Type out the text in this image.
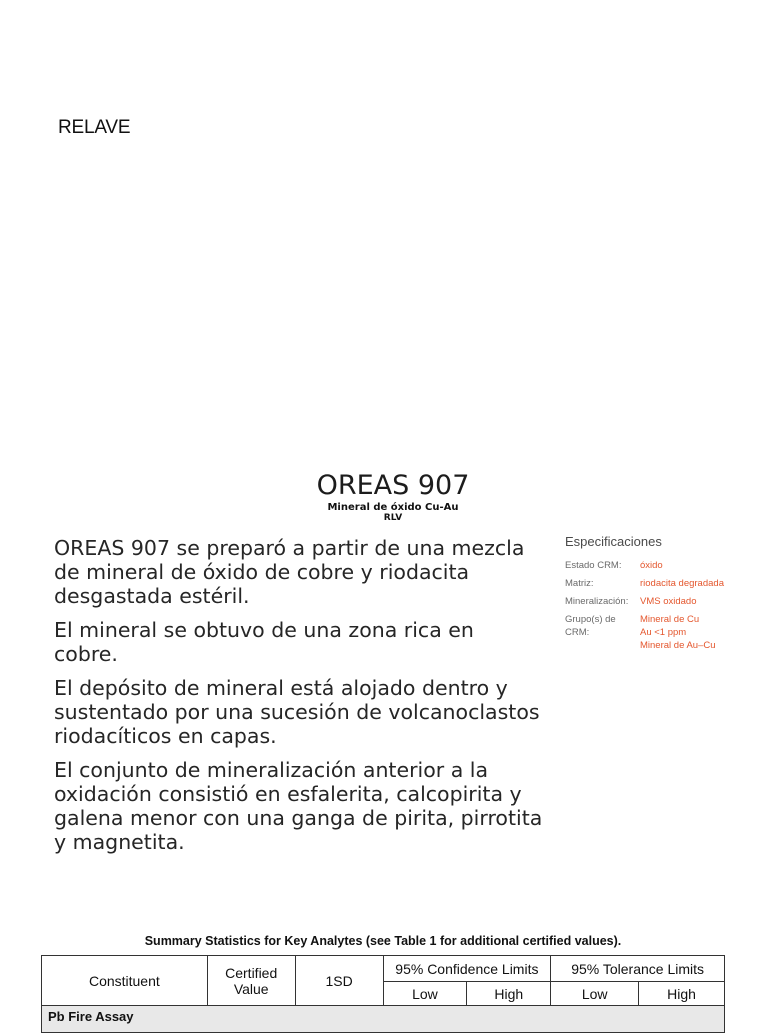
RELAVE
OREAS 907
Mineral de óxido Cu-Au
RLV

OREAS 907 se preparó a partir de una mezcla de mineral de óxido de cobre y riodacita desgastada estéril.

El mineral se obtuvo de una zona rica en cobre.

El depósito de mineral está alojado dentro y sustentado por una sucesión de volcanoclastos riodacíticos en capas.

El conjunto de mineralización anterior a la oxidación consistió en esfalerita, calcopirita y galena menor con una ganga de pirita, pirrotita y magnetita.

Especificaciones
Estado CRM:	óxido
Matriz:	riodacita degradada
Mineralización:	VMS oxidado
Grupo(s) de CRM:
Mineral de Cu
Au <1 ppm
Mineral de Au–Cu
Summary Statistics for Key Analytes (see Table 1 for additional certified values).
Constituent	Certified Value	1SD	95% Confidence Limits		95% Tolerance Limits	
			Low	High	Low	High
Pb Fire Assay						
